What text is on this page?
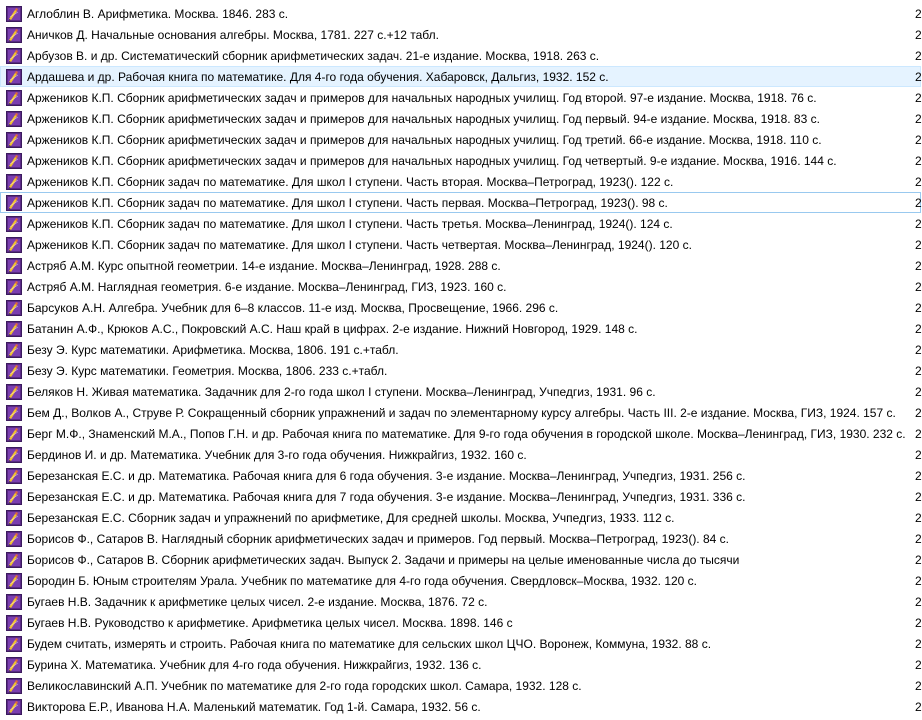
Аглоблин В. Арифметика. Москва. 1846. 283 с.	2
Аничков Д. Начальные основания алгебры. Москва, 1781. 227 с.+12 табл.	2
Арбузов В. и др. Систематический сборник арифметических задач. 21-е издание. Москва, 1918. 263 с.	2
Ардашева и др. Рабочая книга по математике. Для 4-го года обучения. Хабаровск, Дальгиз, 1932. 152 с.	2
Аржеников К.П. Сборник арифметических задач и примеров для начальных народных училищ. Год второй. 97-е издание. Москва, 1918. 76 с.	2
Аржеников К.П. Сборник арифметических задач и примеров для начальных народных училищ. Год первый. 94-е издание. Москва, 1918. 83 с.	2
Аржеников К.П. Сборник арифметических задач и примеров для начальных народных училищ. Год третий. 66-е издание. Москва, 1918. 110 с.	2
Аржеников К.П. Сборник арифметических задач и примеров для начальных народных училищ. Год четвертый. 9-е издание. Москва, 1916. 144 с.	2
Аржеников К.П. Сборник задач по математике. Для школ I ступени. Часть вторая. Москва–Петроград, 1923(). 122 с.	2
Аржеников К.П. Сборник задач по математике. Для школ I ступени. Часть первая. Москва–Петроград, 1923(). 98 с.	2
Аржеников К.П. Сборник задач по математике. Для школ I ступени. Часть третья. Москва–Ленинград, 1924(). 124 с.	2
Аржеников К.П. Сборник задач по математике. Для школ I ступени. Часть четвертая. Москва–Ленинград, 1924(). 120 с.	2
Астряб А.М. Курс опытной геометрии. 14-е издание. Москва–Ленинград, 1928. 288 с.	2
Астряб А.М. Наглядная геометрия. 6-е издание. Москва–Ленинград, ГИЗ, 1923. 160 с.	2
Барсуков А.Н. Алгебра. Учебник для 6–8 классов. 11-е изд. Москва, Просвещение, 1966. 296 с.	2
Батанин А.Ф., Крюков А.С., Покровский А.С. Наш край в цифрах. 2-е издание. Нижний Новгород, 1929. 148 с.	2
Безу Э. Курс математики. Арифметика. Москва, 1806. 191 с.+табл.	2
Безу Э. Курс математики. Геометрия. Москва, 1806. 233 с.+табл.	2
Беляков Н. Живая математика. Задачник для 2-го года школ I ступени. Москва–Ленинград, Учпедгиз, 1931. 96 с.	2
Бем Д., Волков А., Струве Р. Сокращенный сборник упражнений и задач по элементарному курсу алгебры. Часть III. 2-е издание. Москва, ГИЗ, 1924. 157 с. 2
Берг М.Ф., Знаменский М.А., Попов Г.Н. и др. Рабочая книга по математике. Для 9-го года обучения в городской школе. Москва–Ленинград, ГИЗ, 1930. 232 с. 2
Бердинов И. и др. Математика. Учебник для 3-го года обучения. Нижкрайгиз, 1932. 160 с.	2
Березанская Е.С. и др. Математика. Рабочая книга для 6 года обучения. 3-е издание. Москва–Ленинград, Учпедгиз, 1931. 256 с.	2
Березанская Е.С. и др. Математика. Рабочая книга для 7 года обучения. 3-е издание. Москва–Ленинград, Учпедгиз, 1931. 336 с.	2
Березанская Е.С. Сборник задач и упражнений по арифметике, Для средней школы. Москва, Учпедгиз, 1933. 112 с.	2
Борисов Ф., Сатаров В. Наглядный сборник арифметических задач и примеров. Год первый. Москва–Петроград, 1923(). 84 с.	2
Борисов Ф., Сатаров В. Сборник арифметических задач. Выпуск 2. Задачи и примеры на целые именованные числа до тысячи	2
Бородин Б. Юным строителям Урала. Учебник по математике для 4-го года обучения. Свердловск–Москва, 1932. 120 с.	2
Бугаев Н.В. Задачник к арифметике целых чисел. 2-е издание. Москва, 1876. 72 с.	2
Бугаев Н.В. Руководство к арифметике. Арифметика целых чисел. Москва. 1898. 146 с	2
Будем считать, измерять и строить. Рабочая книга по математике для сельских школ ЦЧО. Воронеж, Коммуна, 1932. 88 с.	2
Бурина Х. Математика. Учебник для 4-го года обучения. Нижкрайгиз, 1932. 136 с.	2
Великославинский А.П. Учебник по математике для 2-го года городских школ. Самара, 1932. 128 с.	2
Викторова Е.Р., Иванова Н.А. Маленький математик. Год 1-й. Самара, 1932. 56 с.	2
